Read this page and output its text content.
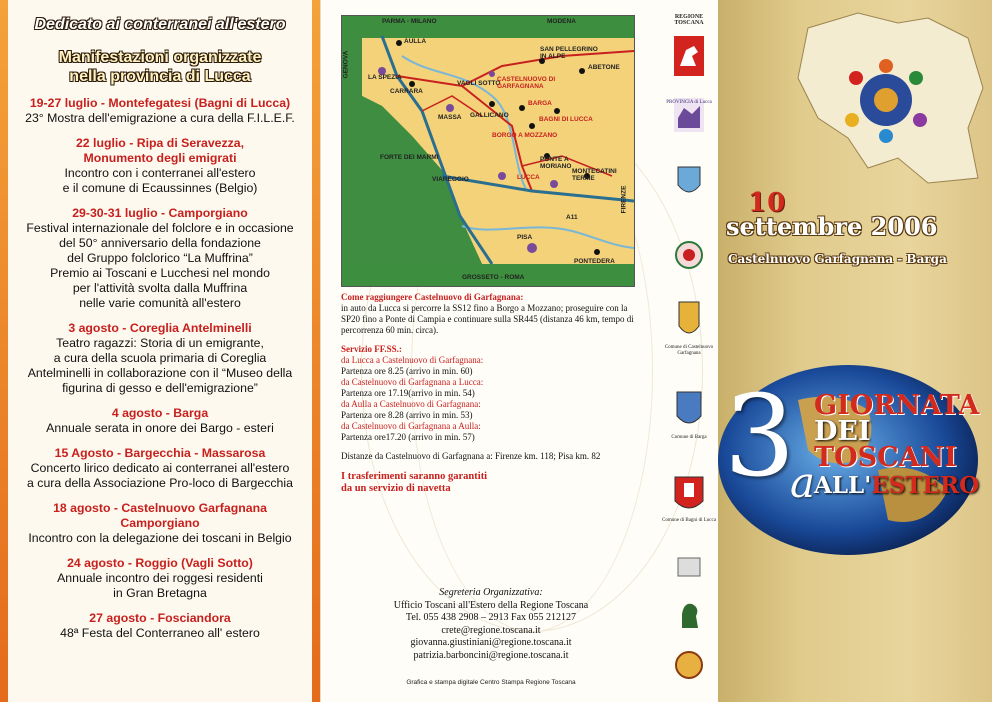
Dedicato ai conterranei all'estero
Manifestazioni organizzate
nella provincia di Lucca
19-27 luglio - Montefegatesi (Bagni di Lucca)
23° Mostra dell'emigrazione a cura della F.I.L.E.F.
22 luglio - Ripa di Seravezza,
Monumento degli emigrati
Incontro con i conterranei all'estero
e il comune di Ecaussinnes (Belgio)
29-30-31 luglio - Camporgiano
Festival internazionale del folclore e in occasione
del 50° anniversario della fondazione
del Gruppo folclorico “La Muffrina”
Premio ai Toscani e Lucchesi nel mondo
per l'attività svolta dalla Muffrina
nelle varie comunità all'estero
3 agosto - Coreglia Antelminelli
Teatro ragazzi: Storia di un emigrante,
a cura della scuola primaria di Coreglia
Antelminelli in collaborazione con il “Museo della
figurina di gesso e dell'emigrazione”
4 agosto - Barga
Annuale serata in onore dei Bargo - esteri
15 Agosto - Bargecchia - Massarosa
Concerto lirico dedicato ai conterranei all'estero
a cura della Associazione Pro-loco di Bargecchia
18 agosto - Castelnuovo Garfagnana
Camporgiano
Incontro con la delegazione dei toscani in Belgio
24 agosto - Roggio (Vagli Sotto)
Annuale incontro dei roggesi residenti
in Gran Bretagna
27 agosto - Fosciandora
48ª Festa del Conterraneo all' estero
PARMA - MILANO	MODENA
GENOVA
FIRENZE
GROSSETO - ROMA
AULLA
LA SPEZIA
CARRARA
VAGLI SOTTO
CASTELNUOVO DI GARFAGNANA
SAN PELLEGRINO IN ALPE
ABETONE
MASSA GALLICANO
BARGA
BAGNI DI LUCCA
BORGO A MOZZANO
FORTE DEI MARMI
VIAREGGIO
PONTE A MORIANO
LUCCA
MONTECATINI TERME
PISA
PONTEDERA
A11

Come raggiungere Castelnuovo di Garfagnana:

in auto da Lucca si percorre la SS12 fino a Borgo a Mozzano; proseguire con la SP20 fino a Ponte di Campia e continuare sulla SR445 (distanza 46 km, tempo di percorrenza 60 min. circa).

Servizio FF.SS.:

da Lucca a Castelnuovo di Garfagnana:

Partenza ore 8.25 (arrivo in min. 60)

da Castelnuovo di Garfagnana a Lucca:

Partenza ore 17.19(arrivo in min. 54)

da Aulla a Castelnuovo di Garfagnana:

Partenza ore 8.28 (arrivo in min. 53)

da Castelnuovo di Garfagnana a Aulla:

Partenza ore17.20 (arrivo in min. 57)

Distanze da Castelnuovo di Garfagnana a: Firenze km. 118; Pisa km. 82

I trasferimenti saranno garantiti
da un servizio di navetta

Segreteria Organizzativa:
Ufficio Toscani all'Estero della Regione Toscana
Tel. 055 438 2908 – 2913 Fax 055 212127
crete@regione.toscana.it
giovanna.giustiniani@regione.toscana.it
patrizia.barboncini@regione.toscana.it
Grafica e stampa digitale Centro Stampa Regione Toscana
REGIONE TOSCANA
PROVINCIA di Lucca
Comune di Castelnuovo Garfagnana
Comune di Barga
Comune di Bagni di Lucca
10
settembre 2006
Castelnuovo Garfagnana - Barga
3
a
GIORNATA
DEI
TOSCANI
ALL'ESTERO
